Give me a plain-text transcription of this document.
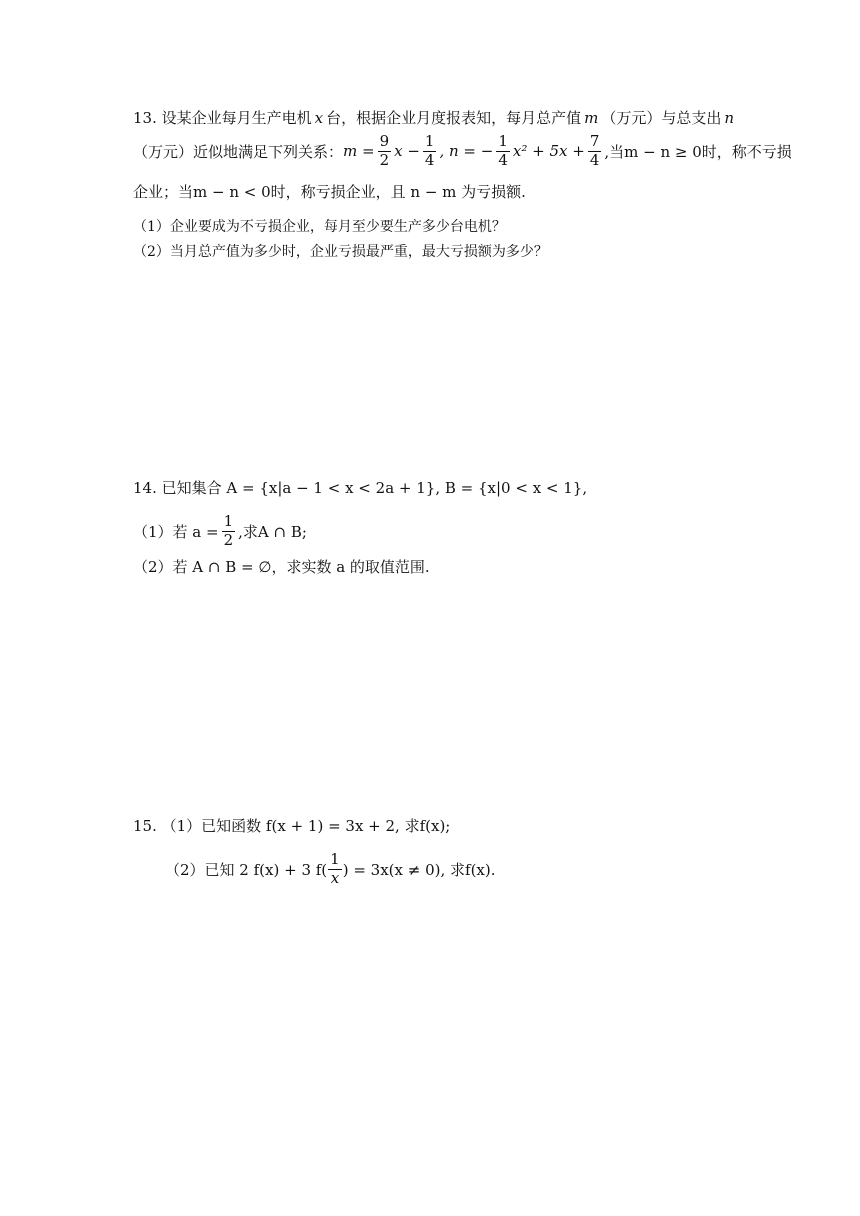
13. 设某企业每月生产电机 x 台，根据企业月度报表知，每月总产值 m （万元）与总支出 n
（万元）近似地满足下列关系： $m = \frac{9}{2}$ $x - \frac{1}{4}$ , n = − $\frac{1}{4} x^2 + 5x + \frac{7}{4}$ ,当m − n ≥ 0时，称不亏损
企业；当m − n < 0时，称亏损企业，且 n − m 为亏损额.
（1）企业要成为不亏损企业，每月至少要生产多少台电机？
（2）当月总产值为多少时，企业亏损最严重，最大亏损额为多少？
14. 已知集合 A = {x|a − 1 < x < 2a + 1}, B = {x|0 < x < 1},
（1）若 $a = \frac{1}{2}$ ,求A ∩ B;
（2）若 A ∩ B = ∅，求实数 a 的取值范围.
15. （1）已知函数 f(x + 1) = 3x + 2, 求f(x);
（2）已知 2 f(x) + 3 $f( \frac{1}{x}$ ) = 3x(x ≠ 0), 求f(x).
